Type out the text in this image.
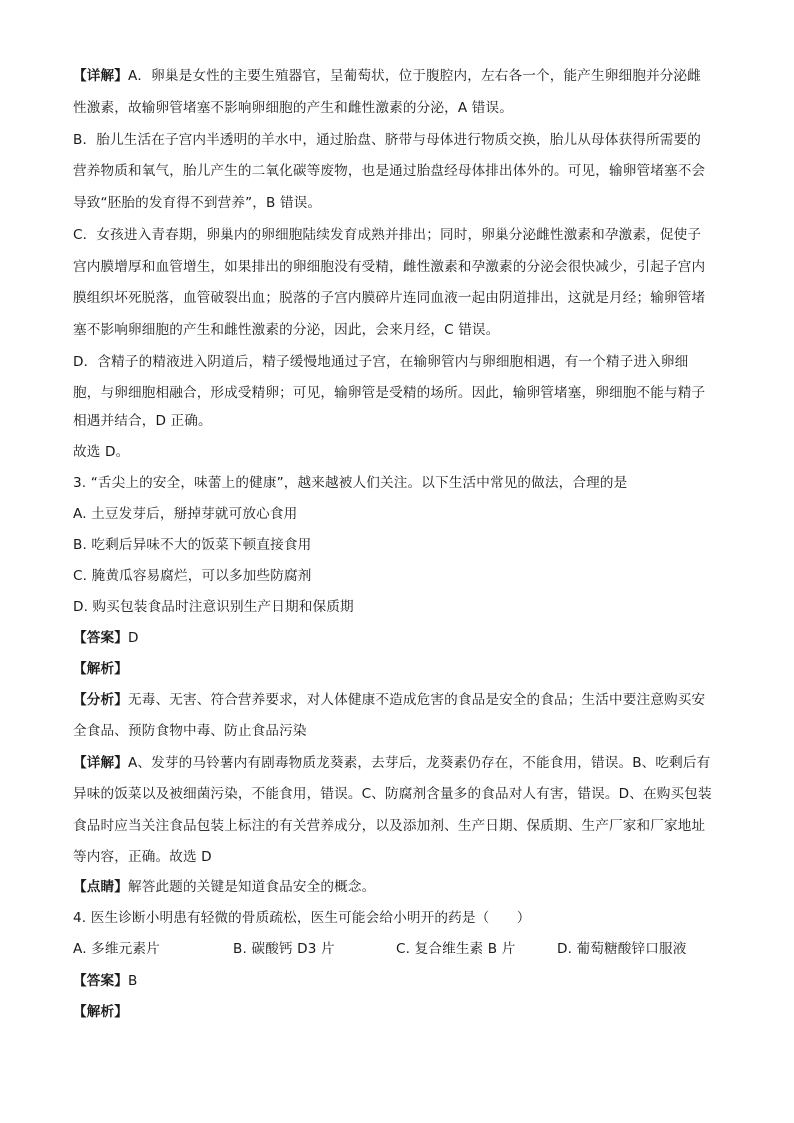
【详解】A．卵巢是女性的主要生殖器官，呈葡萄状，位于腹腔内，左右各一个，能产生卵细胞并分泌雌
性激素，故输卵管堵塞不影响卵细胞的产生和雌性激素的分泌，A 错误。
B．胎儿生活在子宫内半透明的羊水中，通过胎盘、脐带与母体进行物质交换，胎儿从母体获得所需要的
营养物质和氧气，胎儿产生的二氧化碳等废物，也是通过胎盘经母体排出体外的。可见，输卵管堵塞不会
导致“胚胎的发育得不到营养”，B 错误。
C．女孩进入青春期，卵巢内的卵细胞陆续发育成熟并排出；同时，卵巢分泌雌性激素和孕激素，促使子
宫内膜增厚和血管增生，如果排出的卵细胞没有受精，雌性激素和孕激素的分泌会很快减少，引起子宫内
膜组织坏死脱落，血管破裂出血；脱落的子宫内膜碎片连同血液一起由阴道排出，这就是月经；输卵管堵
塞不影响卵细胞的产生和雌性激素的分泌，因此，会来月经，C 错误。
D．含精子的精液进入阴道后，精子缓慢地通过子宫，在输卵管内与卵细胞相遇，有一个精子进入卵细
胞，与卵细胞相融合，形成受精卵；可见，输卵管是受精的场所。因此，输卵管堵塞，卵细胞不能与精子
相遇并结合，D 正确。
故选 D。
3. “舌尖上的安全，味蕾上的健康”，越来越被人们关注。以下生活中常见的做法，合理的是
A. 土豆发芽后，掰掉芽就可放心食用
B. 吃剩后异味不大的饭菜下顿直接食用
C. 腌黄瓜容易腐烂，可以多加些防腐剂
D. 购买包装食品时注意识别生产日期和保质期
【答案】D
【解析】
【分析】无毒、无害、符合营养要求，对人体健康不造成危害的食品是安全的食品；生活中要注意购买安
全食品、预防食物中毒、防止食品污染
【详解】A、发芽的马铃薯内有剧毒物质龙葵素，去芽后，龙葵素仍存在，不能食用，错误。B、吃剩后有
异味的饭菜以及被细菌污染，不能食用，错误。C、防腐剂含量多的食品对人有害，错误。D、在购买包装
食品时应当关注食品包装上标注的有关营养成分，以及添加剂、生产日期、保质期、生产厂家和厂家地址
等内容，正确。故选 D
【点睛】解答此题的关键是知道食品安全的概念。
4. 医生诊断小明患有轻微的骨质疏松，医生可能会给小明开的药是（　　）
A. 多维元素片	B. 碳酸钙 D3 片	C. 复合维生素 B 片	D. 葡萄糖酸锌口服液
【答案】B
【解析】
